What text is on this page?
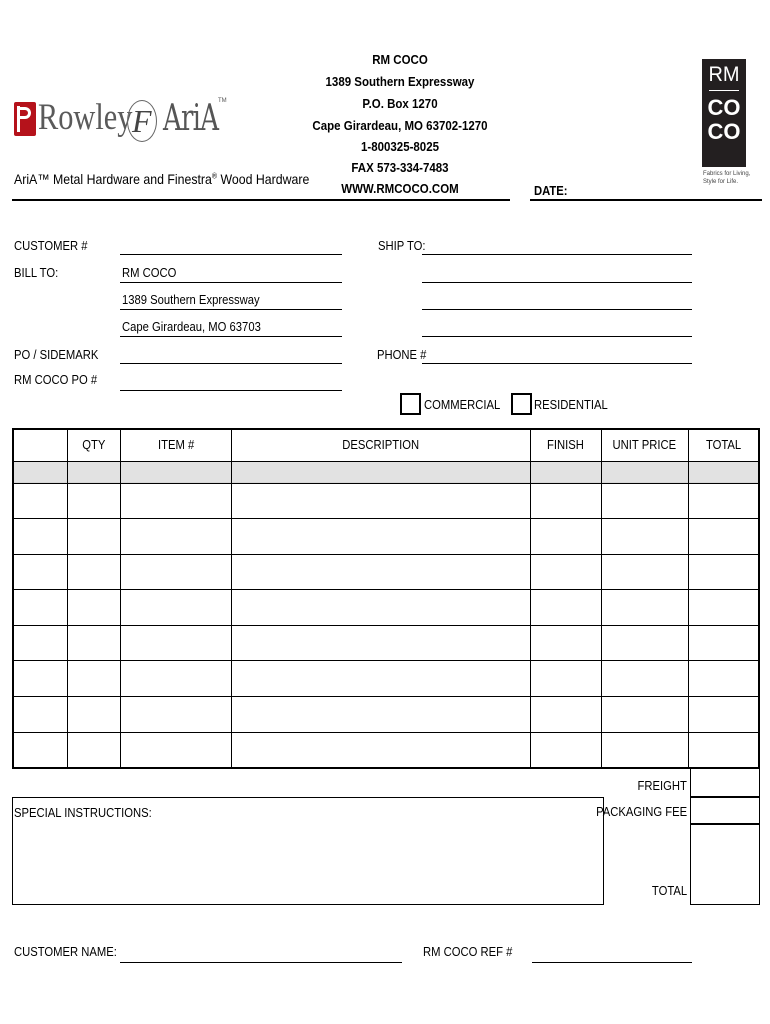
Rowley F AriA TM
AriA™ Metal Hardware and Finestra® Wood Hardware
RM COCO
1389 Southern Expressway
P.O. Box 1270
Cape Girardeau, MO 63702-1270
1-800325-8025
FAX 573-334-7483
WWW.RMCOCO.COM	DATE:
RM
CO
CO
Fabrics for Living,
Style for Life.
CUSTOMER #
BILL TO:	RM COCO
1389 Southern Expressway
Cape Girardeau, MO 63703
PO / SIDEMARK
RM COCO PO #
SHIP TO:
PHONE #
COMMERCIAL	RESIDENTIAL
	QTY	ITEM #	DESCRIPTION	FINISH	UNIT PRICE	TOTAL

FREIGHT
PACKAGING FEE
TOTAL
SPECIAL INSTRUCTIONS:
CUSTOMER NAME:	RM COCO REF #
